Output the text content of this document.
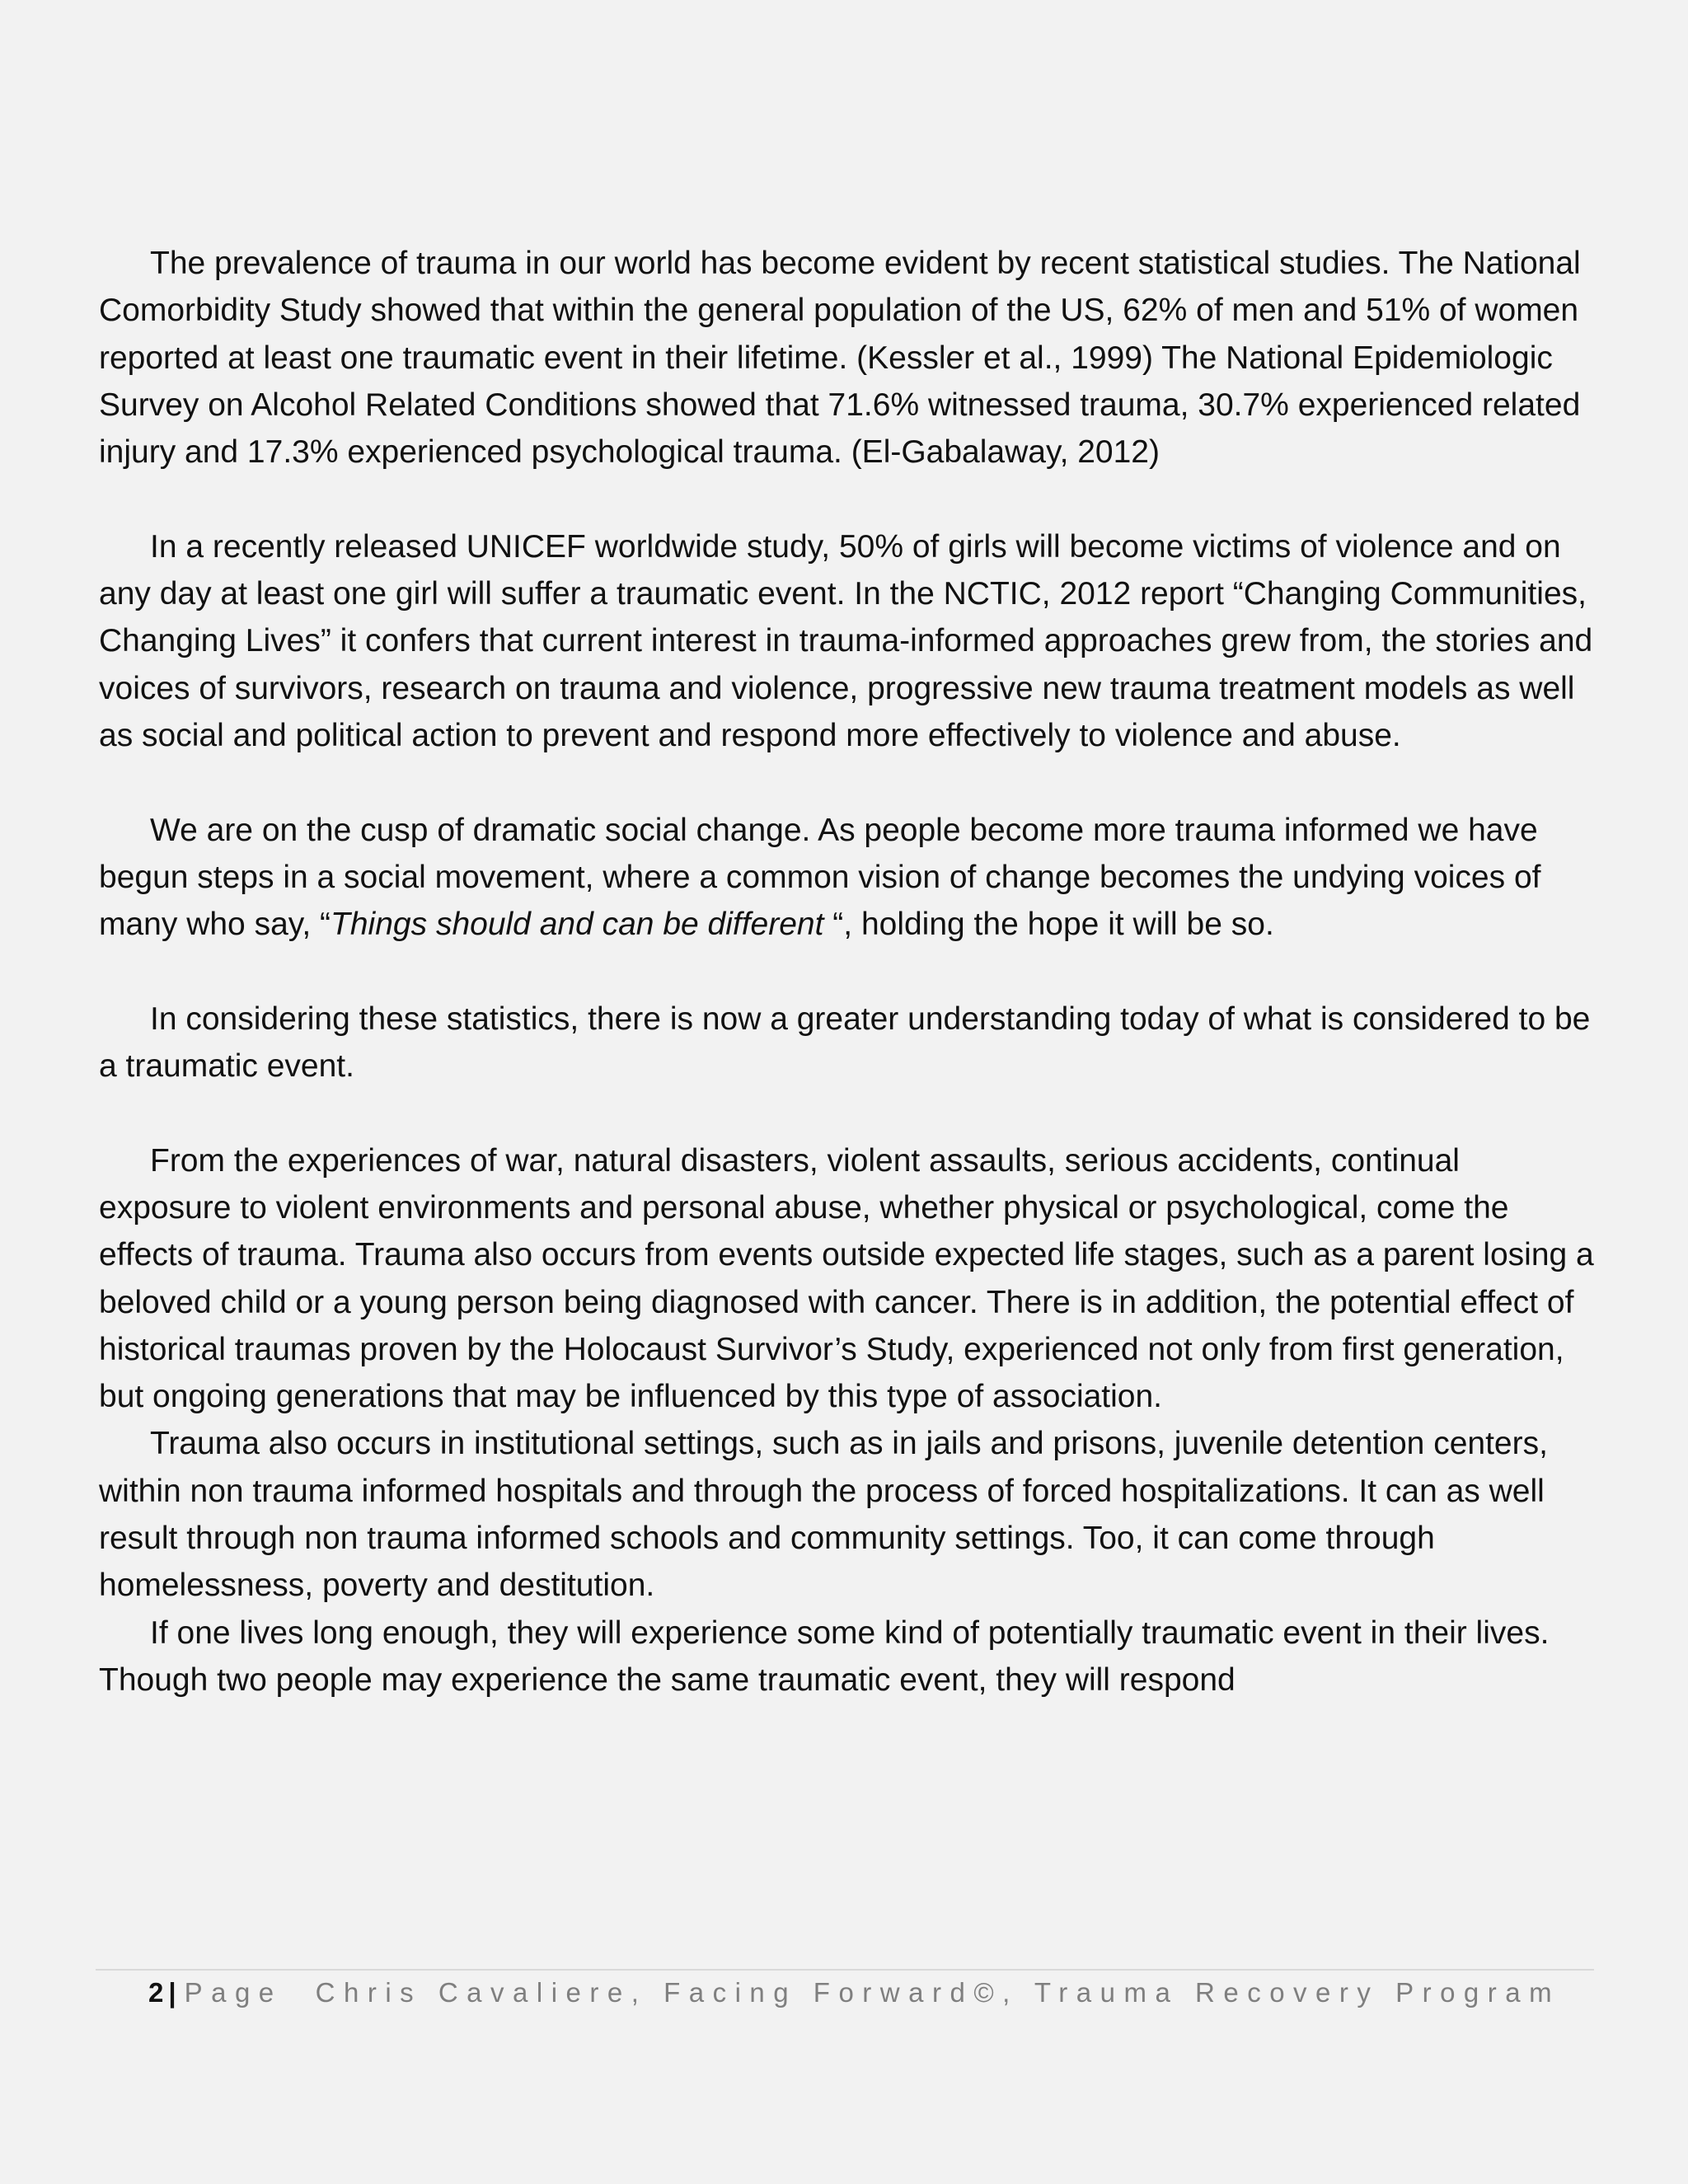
The prevalence of trauma in our world has become evident by recent statistical studies. The National Comorbidity Study showed that within the general population of the US, 62% of men and 51% of women reported at least one traumatic event in their lifetime. (Kessler et al., 1999) The National Epidemiologic Survey on Alcohol Related Conditions showed that 71.6% witnessed trauma, 30.7% experienced related injury and 17.3% experienced psychological trauma. (El-Gabalaway, 2012)

In a recently released UNICEF worldwide study, 50% of girls will become victims of violence and on any day at least one girl will suffer a traumatic event. In the NCTIC, 2012 report “Changing Communities, Changing Lives” it confers that current interest in trauma-informed approaches grew from, the stories and voices of survivors, research on trauma and violence, progressive new trauma treatment models as well as social and political action to prevent and respond more effectively to violence and abuse.

We are on the cusp of dramatic social change. As people become more trauma informed we have begun steps in a social movement, where a common vision of change becomes the undying voices of many who say, “Things should and can be different “, holding the hope it will be so.

In considering these statistics, there is now a greater understanding today of what is considered to be a traumatic event.

From the experiences of war, natural disasters, violent assaults, serious accidents, continual exposure to violent environments and personal abuse, whether physical or psychological, come the effects of trauma. Trauma also occurs from events outside expected life stages, such as a parent losing a beloved child or a young person being diagnosed with cancer. There is in addition, the potential effect of historical traumas proven by the Holocaust Survivor’s Study, experienced not only from first generation, but ongoing generations that may be influenced by this type of association.

Trauma also occurs in institutional settings, such as in jails and prisons, juvenile detention centers, within non trauma informed hospitals and through the process of forced hospitalizations. It can as well result through non trauma informed schools and community settings. Too, it can come through homelessness, poverty and destitution.

If one lives long enough, they will experience some kind of potentially traumatic event in their lives. Though two people may experience the same traumatic event, they will respond

2 | Page Chris Cavaliere, Facing Forward©, Trauma Recovery Program
